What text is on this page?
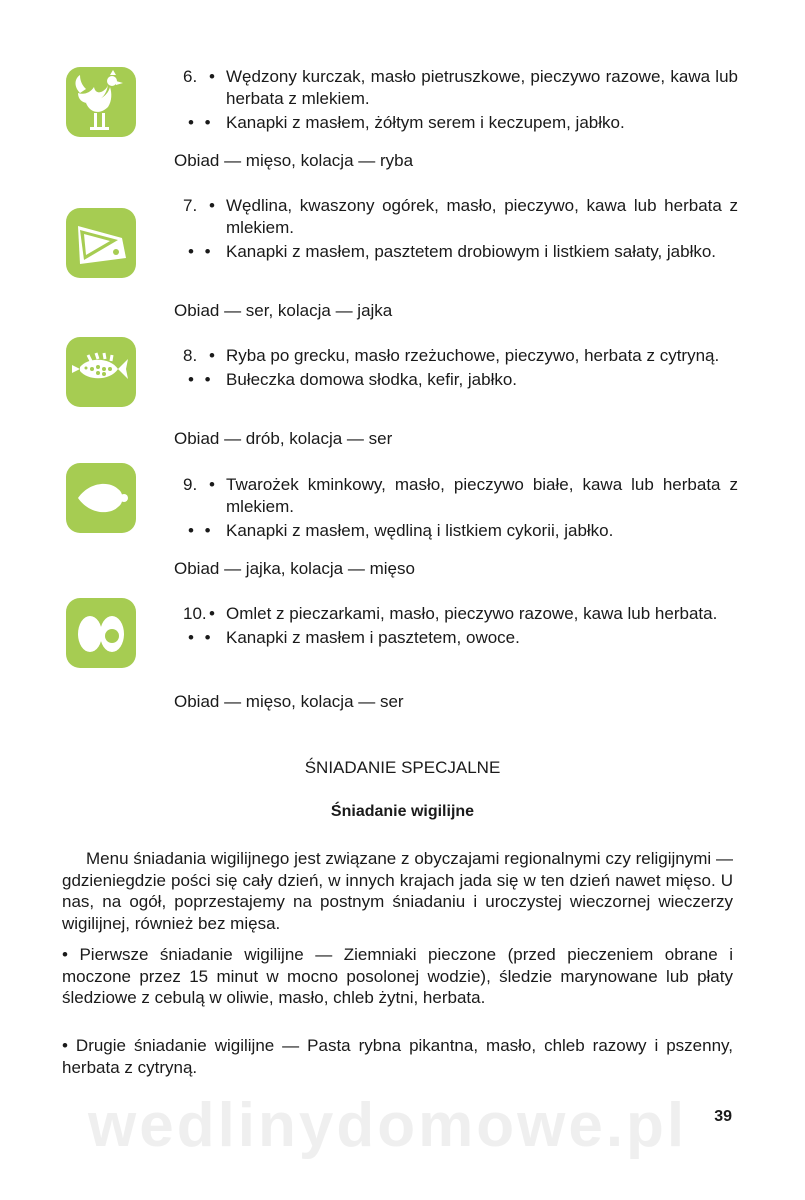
6. • Wędzony kurczak, masło pietruszkowe, pieczywo razowe, kawa lub herbata z mlekiem.
• • Kanapki z masłem, żółtym serem i keczupem, jabłko.
Obiad — mięso, kolacja — ryba
7. • Wędlina, kwaszony ogórek, masło, pieczywo, kawa lub herbata z mlekiem.
• • Kanapki z masłem, pasztetem drobiowym i listkiem sałaty, jabłko.
Obiad — ser, kolacja — jajka
8. • Ryba po grecku, masło rzeżuchowe, pieczywo, herbata z cytryną.
• • Bułeczka domowa słodka, kefir, jabłko.
Obiad — drób, kolacja — ser
9. • Twarożek kminkowy, masło, pieczywo białe, kawa lub herbata z mlekiem.
• • Kanapki z masłem, wędliną i listkiem cykorii, jabłko.
Obiad — jajka, kolacja — mięso
10. • Omlet z pieczarkami, masło, pieczywo razowe, kawa lub herbata.
• • Kanapki z masłem i pasztetem, owoce.
Obiad — mięso, kolacja — ser
ŚNIADANIE SPECJALNE
Śniadanie wigilijne
Menu śniadania wigilijnego jest związane z obyczajami regionalnymi czy religijnymi — gdzieniegdzie pości się cały dzień, w innych krajach jada się w ten dzień nawet mięso. U nas, na ogół, poprzestajemy na postnym śniadaniu i uroczystej wieczornej wieczerzy wigilijnej, również bez mięsa.
• Pierwsze śniadanie wigilijne — Ziemniaki pieczone (przed pieczeniem obrane i moczone przez 15 minut w mocno posolonej wodzie), śledzie marynowane lub płaty śledziowe z cebulą w oliwie, masło, chleb żytni, herbata.
• Drugie śniadanie wigilijne — Pasta rybna pikantna, masło, chleb razowy i pszenny, herbata z cytryną.
wedlinydomowe.pl 39
